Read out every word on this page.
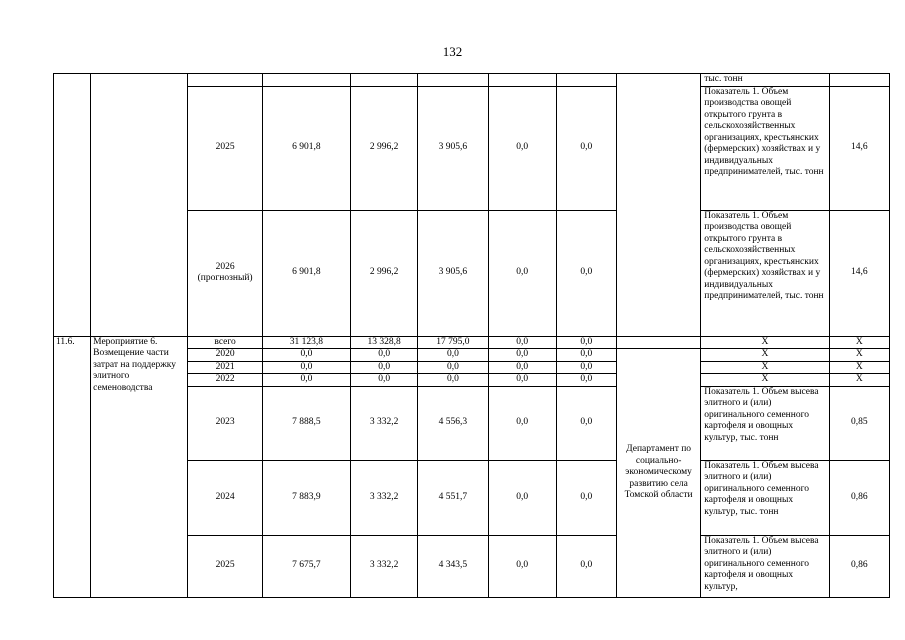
132
									тыс. тонн	
		2025	6 901,8	2 996,2	3 905,6	0,0	0,0		Показатель 1. Объем производства овощей открытого грунта в сельскохозяйственных организациях, крестьянских (фермерских) хозяйствах и у индивидуальных предпринимателей, тыс. тонн	14,6
		2026 (прогнозный)	6 901,8	2 996,2	3 905,6	0,0	0,0		Показатель 1. Объем производства овощей открытого грунта в сельскохозяйственных организациях, крестьянских (фермерских) хозяйствах и у индивидуальных предпринимателей, тыс. тонн	14,6
11.6.	Мероприятие 6. Возмещение части затрат на поддержку элитного семеноводства	всего	31 123,8	13 328,8	17 795,0	0,0	0,0		Х	Х
		2020	0,0	0,0	0,0	0,0	0,0	Департамент по социально-экономическому развитию села Томской области	Х	Х
		2021	0,0	0,0	0,0	0,0	0,0		Х	Х
		2022	0,0	0,0	0,0	0,0	0,0		Х	Х
		2023	7 888,5	3 332,2	4 556,3	0,0	0,0		Показатель 1. Объем высева элитного и (или) оригинального семенного картофеля и овощных культур, тыс. тонн	0,85
		2024	7 883,9	3 332,2	4 551,7	0,0	0,0		Показатель 1. Объем высева элитного и (или) оригинального семенного картофеля и овощных культур, тыс. тонн	0,86
		2025	7 675,7	3 332,2	4 343,5	0,0	0,0		Показатель 1. Объем высева элитного и (или) оригинального семенного картофеля и овощных культур,	0,86
